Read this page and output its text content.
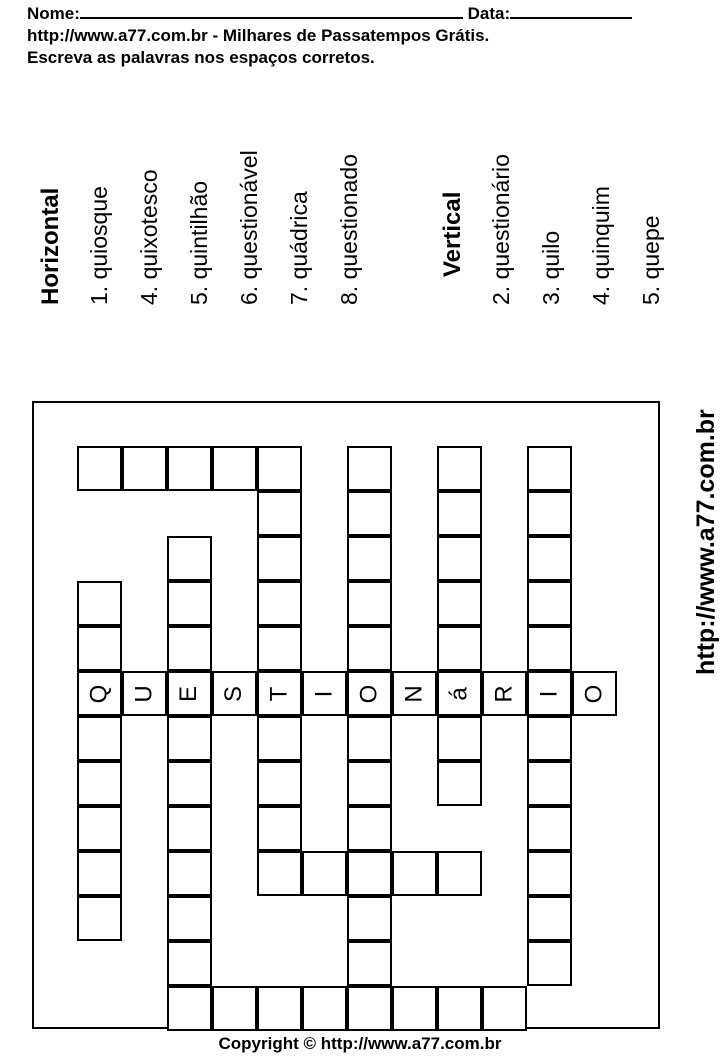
Nome:	Data:
http://www.a77.com.br - Milhares de Passatempos Grátis.
Escreva as palavras nos espaços corretos.
Horizontal 1. quiosque 4. quixotesco 5. quintilhão 6. questionável 7. quádrica 8. questionado	Vertical 2. questionário 3. quilo 4. quinquim 5. quepe
http://www.a77.com.br
Q	E	T	O	á	I
U	S	I	N	R	O
Copyright © http://www.a77.com.br
